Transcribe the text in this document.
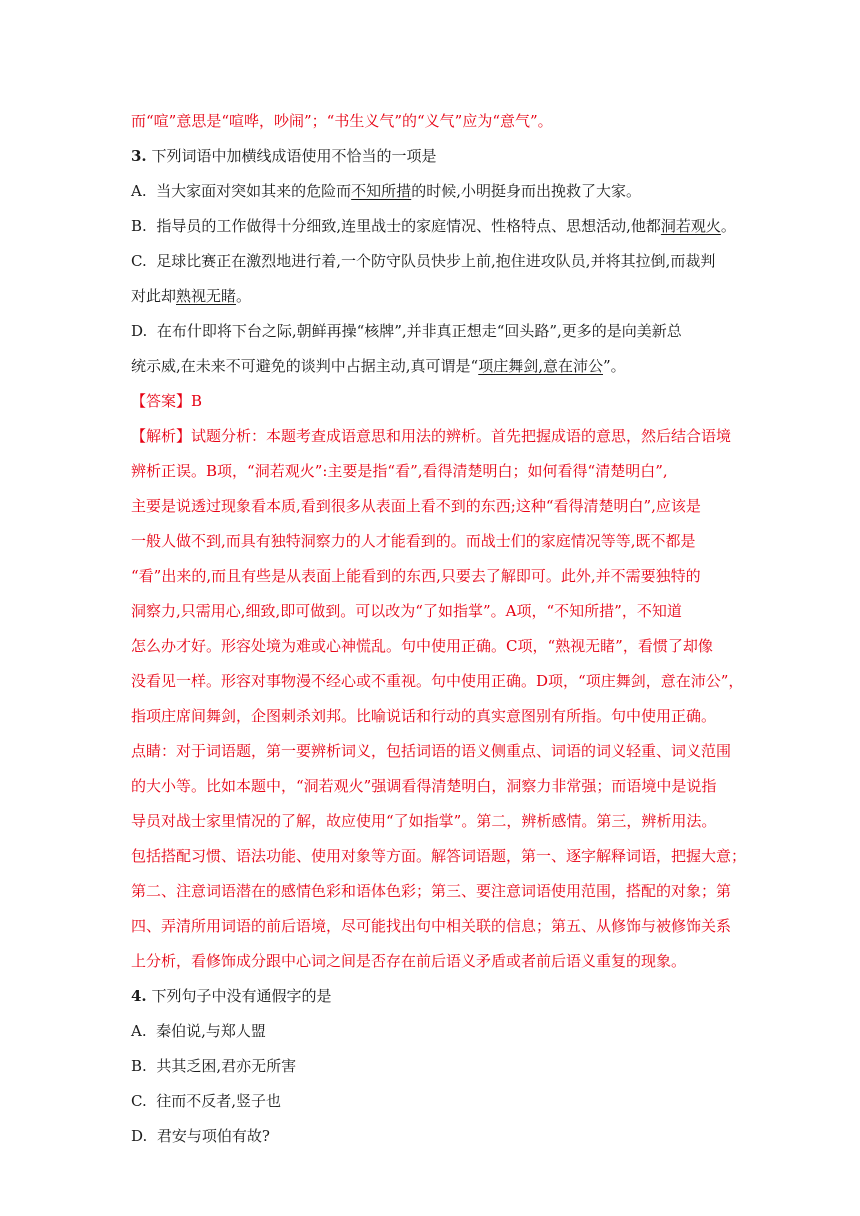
而“喧”意思是“喧哗，吵闹”；“书生义气”的“义气”应为“意气”。
3. 下列词语中加横线成语使用不恰当的一项是
A. 当大家面对突如其来的危险而不知所措的时候,小明挺身而出挽救了大家。
B. 指导员的工作做得十分细致,连里战士的家庭情况、性格特点、思想活动,他都洞若观火。
C. 足球比赛正在激烈地进行着,一个防守队员快步上前,抱住进攻队员,并将其拉倒,而裁判
对此却熟视无睹。
D. 在布什即将下台之际,朝鲜再操“核牌”,并非真正想走“回头路”,更多的是向美新总
统示威,在未来不可避免的谈判中占据主动,真可谓是“项庄舞剑,意在沛公”。
【答案】B
【解析】试题分析：本题考查成语意思和用法的辨析。首先把握成语的意思，然后结合语境
辨析正误。B项，“洞若观火”:主要是指“看”,看得清楚明白；如何看得“清楚明白”,
主要是说透过现象看本质,看到很多从表面上看不到的东西;这种“看得清楚明白”,应该是
一般人做不到,而具有独特洞察力的人才能看到的。而战士们的家庭情况等等,既不都是
“看”出来的,而且有些是从表面上能看到的东西,只要去了解即可。此外,并不需要独特的
洞察力,只需用心,细致,即可做到。可以改为“了如指掌”。A项，“不知所措”，不知道
怎么办才好。形容处境为难或心神慌乱。句中使用正确。C项，“熟视无睹”，看惯了却像
没看见一样。形容对事物漫不经心或不重视。句中使用正确。D项，“项庄舞剑，意在沛公”，
指项庄席间舞剑，企图刺杀刘邦。比喻说话和行动的真实意图别有所指。句中使用正确。
点睛：对于词语题，第一要辨析词义，包括词语的语义侧重点、词语的词义轻重、词义范围
的大小等。比如本题中，“洞若观火”强调看得清楚明白，洞察力非常强；而语境中是说指
导员对战士家里情况的了解，故应使用“了如指掌”。第二，辨析感情。第三，辨析用法。
包括搭配习惯、语法功能、使用对象等方面。解答词语题，第一、逐字解释词语，把握大意；
第二、注意词语潜在的感情色彩和语体色彩；第三、要注意词语使用范围，搭配的对象；第
四、弄清所用词语的前后语境，尽可能找出句中相关联的信息；第五、从修饰与被修饰关系
上分析，看修饰成分跟中心词之间是否存在前后语义矛盾或者前后语义重复的现象。
4. 下列句子中没有通假字的是
A. 秦伯说,与郑人盟
B. 共其乏困,君亦无所害
C. 往而不反者,竖子也
D. 君安与项伯有故?
